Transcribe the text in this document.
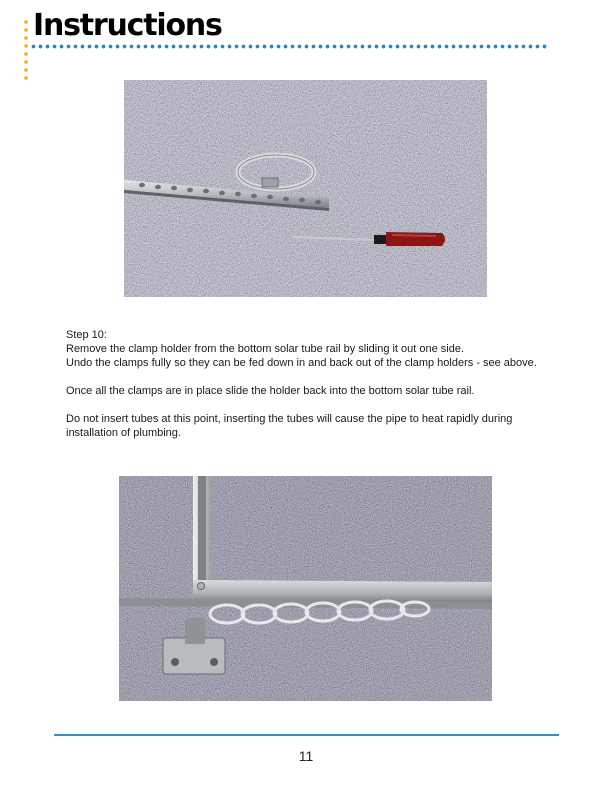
Instructions

Step 10:

Remove the clamp holder from the bottom solar tube rail by sliding it out one side.

Undo the clamps fully so they can be fed down in and back out of the clamp holders - see above.

Once all the clamps are in place slide the holder back into the bottom solar tube rail.

Do not insert tubes at this point, inserting the tubes will cause the pipe to heat rapidly during

installation of plumbing.

11
